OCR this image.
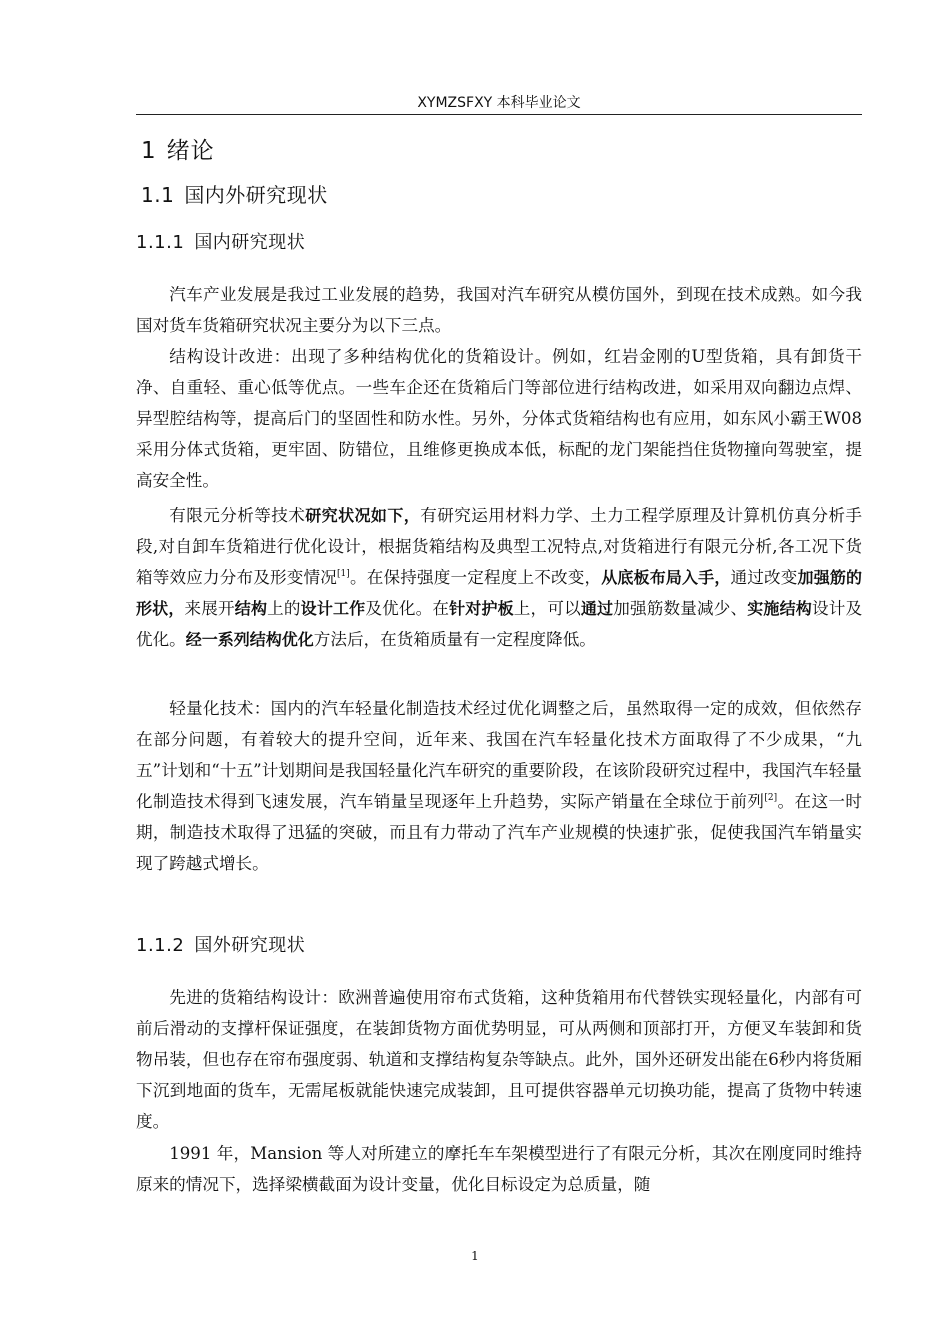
XYMZSFXY 本科毕业论文
1 绪论
1.1 国内外研究现状
1.1.1 国内研究现状

汽车产业发展是我过工业发展的趋势，我国对汽车研究从模仿国外，到现在技术成熟。如今我国对货车货箱研究状况主要分为以下三点。

结构设计改进：出现了多种结构优化的货箱设计。例如，红岩金刚的U型货箱，具有卸货干净、自重轻、重心低等优点。一些车企还在货箱后门等部位进行结构改进，如采用双向翻边点焊、异型腔结构等，提高后门的坚固性和防水性。另外，分体式货箱结构也有应用，如东风小霸王W08采用分体式货箱，更牢固、防错位，且维修更换成本低，标配的龙门架能挡住货物撞向驾驶室，提高安全性。

有限元分析等技术研究状况如下，有研究运用材料力学、土力工程学原理及计算机仿真分析手段,对自卸车货箱进行优化设计，根据货箱结构及典型工况特点,对货箱进行有限元分析,各工况下货箱等效应力分布及形变情况[1]。在保持强度一定程度上不改变，从底板布局入手，通过改变加强筋的形状，来展开结构上的设计工作及优化。在针对护板上，可以通过加强筋数量减少、实施结构设计及优化。经一系列结构优化方法后，在货箱质量有一定程度降低。

轻量化技术：国内的汽车轻量化制造技术经过优化调整之后，虽然取得一定的成效，但依然存在部分问题，有着较大的提升空间，近年来、我国在汽车轻量化技术方面取得了不少成果，“九五”计划和“十五”计划期间是我国轻量化汽车研究的重要阶段，在该阶段研究过程中，我国汽车轻量化制造技术得到飞速发展，汽车销量呈现逐年上升趋势，实际产销量在全球位于前列[2]。在这一时期，制造技术取得了迅猛的突破，而且有力带动了汽车产业规模的快速扩张，促使我国汽车销量实现了跨越式增长。

1.1.2 国外研究现状

先进的货箱结构设计：欧洲普遍使用帘布式货箱，这种货箱用布代替铁实现轻量化，内部有可前后滑动的支撑杆保证强度，在装卸货物方面优势明显，可从两侧和顶部打开，方便叉车装卸和货物吊装，但也存在帘布强度弱、轨道和支撑结构复杂等缺点。此外，国外还研发出能在6秒内将货厢下沉到地面的货车，无需尾板就能快速完成装卸，且可提供容器单元切换功能，提高了货物中转速度。

1991 年，Mansion 等人对所建立的摩托车车架模型进行了有限元分析，其次在刚度同时维持原来的情况下，选择梁横截面为设计变量，优化目标设定为总质量，随

1
